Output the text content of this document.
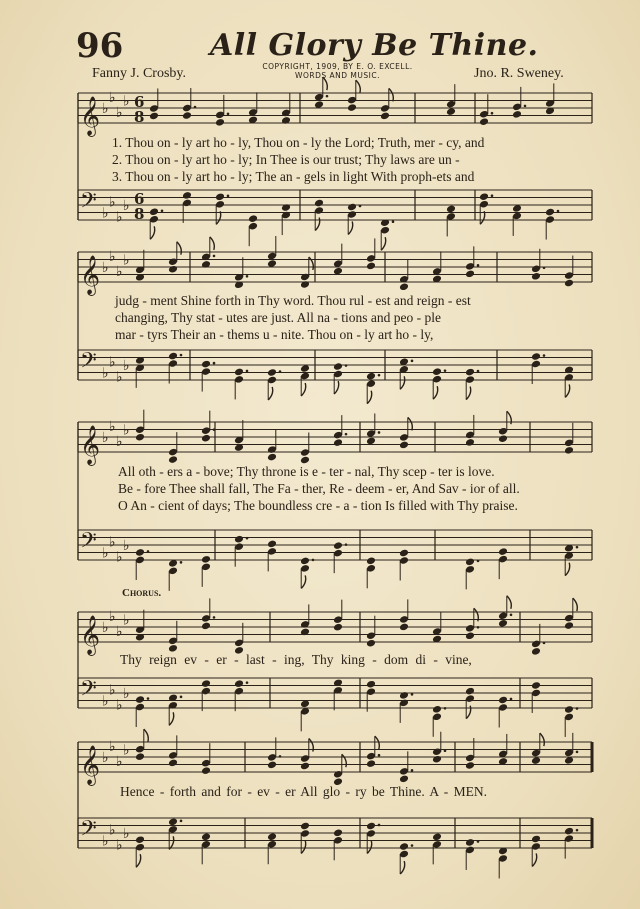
96	All Glory Be Thine.
Fanny J. Crosby.	COPYRIGHT, 1909, BY E. O. EXCELL.
WORDS AND MUSIC.	Jno. R. Sweney.
𝄞 ♭
♭
♭
♭ 6
8
𝄢 ♭
♭
♭
♭ 6
8
𝄞 ♭
♭
♭
♭
𝄢 ♭
♭
♭
♭
𝄞 ♭
♭
♭
♭
𝄢 ♭
♭
♭
♭
𝄞 ♭
♭
♭
♭
𝄢 ♭
♭
♭
♭
𝄞 ♭
♭
♭
♭
𝄢 ♭
♭
♭
♭
1. Thou on - ly art ho - ly, Thou on - ly the Lord; Truth, mer - cy, and
2. Thou on - ly art ho - ly; In Thee is our trust; Thy laws are un -
3. Thou on - ly art ho - ly; The an - gels in light With proph-ets and
judg - ment Shine forth in Thy word. Thou rul - est and reign - est
changing, Thy stat - utes are just. All na - tions and peo - ple
mar - tyrs Their an - thems u - nite. Thou on - ly art ho - ly,
All oth - ers a - bove; Thy throne is e - ter - nal, Thy scep - ter is love.
Be - fore Thee shall fall, The Fa - ther, Re - deem - er, And Sav - ior of all.
O An - cient of days; The boundless cre - a - tion Is filled with Thy praise.
Chorus.
Thy reign ev - er - last - ing, Thy king - dom di - vine,
Hence - forth and for - ev - er All glo - ry be Thine. A - MEN.
